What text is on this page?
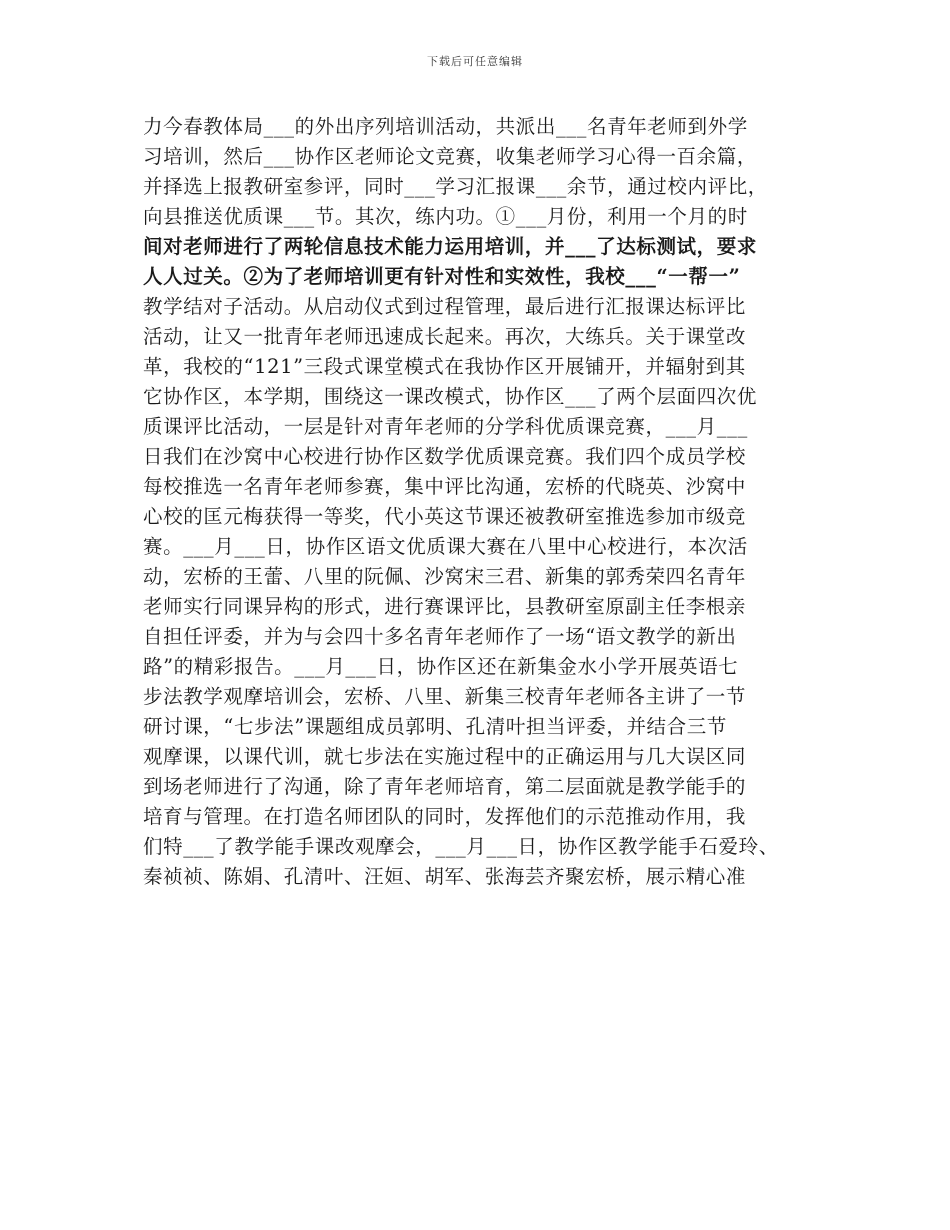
下载后可任意编辑
力今春教体局___的外出序列培训活动，共派出___名青年老师到外学
习培训，然后___协作区老师论文竞赛，收集老师学习心得一百余篇，
并择选上报教研室参评，同时___学习汇报课___余节，通过校内评比，
向县推送优质课___节。其次，练内功。①___月份，利用一个月的时
间对老师进行了两轮信息技术能力运用培训，并___了达标测试，要求
人人过关。②为了老师培训更有针对性和实效性，我校___“一帮一”
教学结对子活动。从启动仪式到过程管理，最后进行汇报课达标评比
活动，让又一批青年老师迅速成长起来。再次，大练兵。关于课堂改
革，我校的“121”三段式课堂模式在我协作区开展铺开，并辐射到其
它协作区，本学期，围绕这一课改模式，协作区___了两个层面四次优
质课评比活动，一层是针对青年老师的分学科优质课竞赛，___月___
日我们在沙窝中心校进行协作区数学优质课竞赛。我们四个成员学校
每校推选一名青年老师参赛，集中评比沟通，宏桥的代晓英、沙窝中
心校的匡元梅获得一等奖，代小英这节课还被教研室推选参加市级竞
赛。___月___日，协作区语文优质课大赛在八里中心校进行，本次活
动，宏桥的王蕾、八里的阮佩、沙窝宋三君、新集的郭秀荣四名青年
老师实行同课异构的形式，进行赛课评比，县教研室原副主任李根亲
自担任评委，并为与会四十多名青年老师作了一场“语文教学的新出
路”的精彩报告。___月___日，协作区还在新集金水小学开展英语七
步法教学观摩培训会，宏桥、八里、新集三校青年老师各主讲了一节
研讨课，“七步法”课题组成员郭明、孔清叶担当评委，并结合三节
观摩课，以课代训，就七步法在实施过程中的正确运用与几大误区同
到场老师进行了沟通，除了青年老师培育，第二层面就是教学能手的
培育与管理。在打造名师团队的同时，发挥他们的示范推动作用，我
们特___了教学能手课改观摩会，___月___日，协作区教学能手石爱玲、
秦祯祯、陈娟、孔清叶、汪姮、胡军、张海芸齐聚宏桥，展示精心准
